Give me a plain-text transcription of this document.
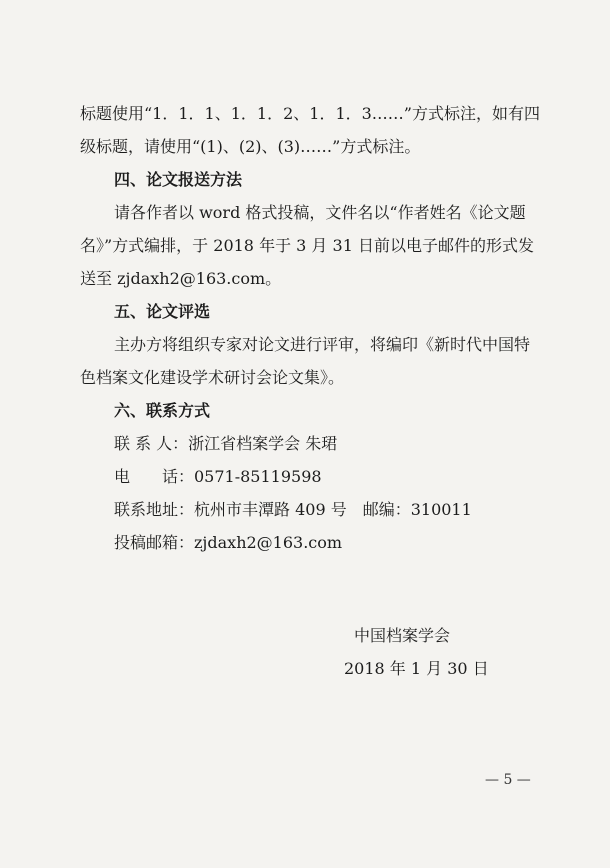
标题使用“1．1．1、1．1．2、1．1．3……”方式标注，如有四
级标题，请使用“(1)、(2)、(3)……”方式标注。
四、论文报送方法
请各作者以 word 格式投稿，文件名以“作者姓名《论文题
名》”方式编排，于 2018 年于 3 月 31 日前以电子邮件的形式发
送至 zjdaxh2@163.com。
五、论文评选
主办方将组织专家对论文进行评审，将编印《新时代中国特
色档案文化建设学术研讨会论文集》。
六、联系方式
联 系 人：浙江省档案学会 朱珺
电　　话：0571-85119598
联系地址：杭州市丰潭路 409 号　邮编：310011
投稿邮箱：zjdaxh2@163.com
中国档案学会
2018 年 1 月 30 日
— 5 —
